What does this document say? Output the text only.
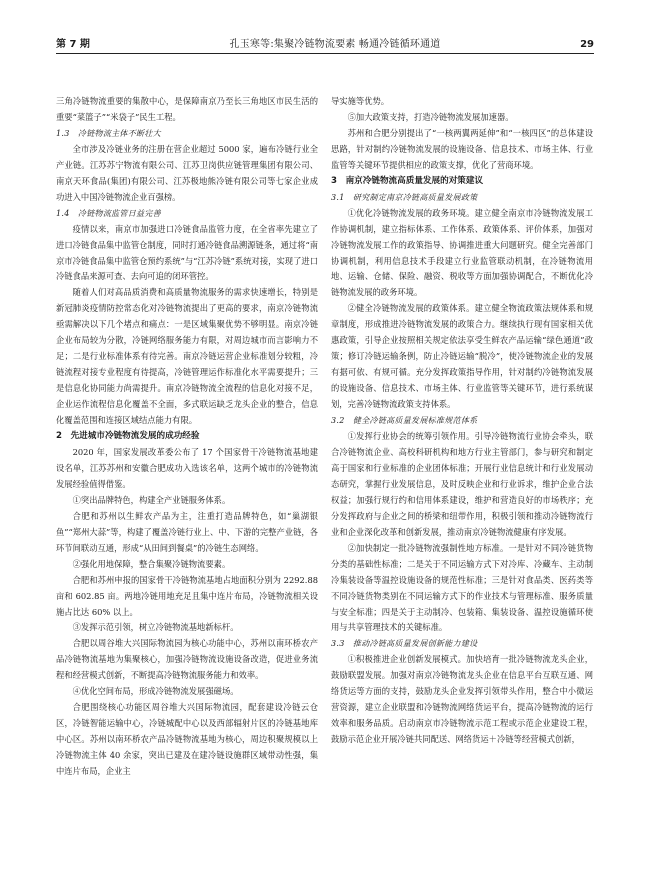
第 7 期	孔玉寒等:集聚冷链物流要素 畅通冷链循环通道	29

三角冷链物流重要的集散中心，是保障南京乃至长三角地区市民生活的重要“菜篮子”“米袋子”民生工程。

1.3　冷链物流主体不断壮大

全市涉及冷链业务的注册在营企业超过 5000 家，遍布冷链行业全产业链。江苏苏宁物流有限公司、江苏卫岗供应链管理集团有限公司、南京天环食品(集团)有限公司、江苏极地熊冷链有限公司等七家企业成功进入中国冷链物流企业百强榜。

1.4　冷链物流监管日益完善

疫情以来，南京市加强进口冷链食品监管力度，在全省率先建立了进口冷链食品集中监管仓制度，同时打通冷链食品溯源链条，通过将“南京市冷链食品集中监管仓预约系统”与“江苏冷链”系统对接，实现了进口冷链食品来源可查、去向可追的闭环管控。

随着人们对高品质消费和高质量物流服务的需求快速增长，特别是新冠肺炎疫情防控常态化对冷链物流提出了更高的要求，南京冷链物流亟需解决以下几个堵点和痛点：一是区域集聚优势不够明显。南京冷链企业布局较为分散，冷链网络服务能力有限，对周边城市而言影响力不足；二是行业标准体系有待完善。南京冷链运营企业标准划分较粗，冷链流程对接专业程度有待提高，冷链管理运作标准化水平需要提升；三是信息化协同能力尚需提升。南京冷链物流全流程的信息化对接不足，企业运作流程信息化覆盖不全面，多式联运缺乏龙头企业的整合，信息化覆盖范围和连接区域结点能力有限。

2　先进城市冷链物流发展的成功经验

2020 年，国家发展改革委公布了 17 个国家骨干冷链物流基地建设名单，江苏苏州和安徽合肥成功入选该名单，这两个城市的冷链物流发展经验值得借鉴。

①突出品牌特色，构建全产业链服务体系。

合肥和苏州以生鲜农产品为主，注重打造品牌特色，如“巢湖银鱼”“郑州大蒜”等，构建了覆盖冷链行业上、中、下游的完整产业链，各环节间联动互通，形成“从田间到餐桌”的冷链生态网络。

②强化用地保障，整合集聚冷链物流要素。

合肥和苏州申报的国家骨干冷链物流基地占地面积分别为 2292.88 亩和 602.85 亩。两地冷链用地充足且集中连片布局，冷链物流相关设施占比达 60% 以上。

③发挥示范引领，树立冷链物流基地新标杆。

合肥以周谷堆大兴国际物流园为核心功能中心，苏州以南环桥农产品冷链物流基地为集聚核心，加强冷链物流设施设备改造，促进业务流程和经营模式创新，不断提高冷链物流服务能力和效率。

④优化空间布局，形成冷链物流发展强磁场。

合肥围绕核心功能区周谷堆大兴国际物流园，配套建设冷链云仓区，冷链智能运输中心，冷链城配中心以及西部辐射片区的冷链基地库中心区。苏州以南环桥农产品冷链物流基地为核心，周边积聚规模以上冷链物流主体 40 余家，突出已建及在建冷链设施群区域带动性强，集中连片布局，企业主

导实施等优势。

⑤加大政策支持，打造冷链物流发展加速器。

苏州和合肥分别提出了“一核两翼两延伸”和“一核四区”的总体建设思路，针对制约冷链物流发展的设施设备、信息技术、市场主体、行业监管等关键环节提供相应的政策支撑，优化了营商环境。

3　南京冷链物流高质量发展的对策建议
3.1　研究制定南京冷链高质量发展政策

①优化冷链物流发展的政务环境。建立健全南京市冷链物流发展工作协调机制，建立指标体系、工作体系、政策体系、评价体系，加强对冷链物流发展工作的政策指导、协调推进重大问题研究。健全完善部门协调机制，利用信息技术手段建立行业监管联动机制，在冷链物流用地、运输、仓储、保险、融资、税收等方面加强协调配合，不断优化冷链物流发展的政务环境。

②健全冷链物流发展的政策体系。建立健全物流政策法规体系和规章制度，形成推进冷链物流发展的政策合力。继续执行现有国家相关优惠政策，引导企业按照相关规定依法享受生鲜农产品运输“绿色通道”政策；修订冷链运输条例，防止冷链运输“脱冷”，使冷链物流企业的发展有据可依、有规可循。充分发挥政策指导作用，针对制约冷链物流发展的设施设备、信息技术、市场主体、行业监管等关键环节，进行系统谋划，完善冷链物流政策支持体系。

3.2　健全冷链高质量发展标准规范体系

①发挥行业协会的统筹引领作用。引导冷链物流行业协会牵头，联合冷链物流企业、高校科研机构和地方行业主管部门，参与研究和制定高于国家和行业标准的企业团体标准；开展行业信息统计和行业发展动态研究，掌握行业发展信息，及时反映企业和行业诉求，维护企业合法权益；加强行规行约和信用体系建设，维护和营造良好的市场秩序；充分发挥政府与企业之间的桥梁和纽带作用，积极引领和推动冷链物流行业和企业深化改革和创新发展，推动南京冷链物流健康有序发展。

②加快制定一批冷链物流强制性地方标准。一是针对不同冷链货物分类的基础性标准；二是关于不同运输方式下对冷库、冷藏车、主动制冷集装设备等温控设施设备的规范性标准；三是针对食品类、医药类等不同冷链货物类别在不同运输方式下的作业技术与管理标准、服务质量与安全标准；四是关于主动制冷、包装箱、集装设备、温控设施循环使用与共享管理技术的关键标准。

3.3　推动冷链高质量发展创新能力建设

①积极推进企业创新发展模式。加快培育一批冷链物流龙头企业，鼓励联盟发展。加强对南京冷链物流龙头企业在信息平台互联互通、网络货运等方面的支持，鼓励龙头企业发挥引领带头作用，整合中小微运营资源，建立企业联盟和冷链物流网络货运平台，提高冷链物流的运行效率和服务品质。启动南京市冷链物流示范工程或示范企业建设工程，鼓励示范企业开展冷链共同配送、网络货运＋冷链等经营模式创新，
